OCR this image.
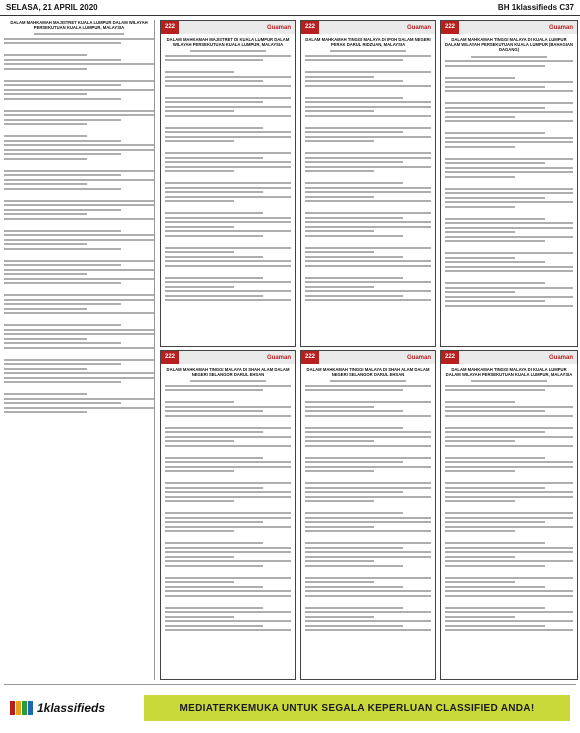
SELASA, 21 APRIL 2020	BH 1klassifieds C37
DALAM MAHKAMAH MAJISTRET KUALA LUMPUR DALAM WILAYAH PERSEKUTUAN KUALA LUMPUR, MALAYSIA	222	Guaman
DALAM MAHKAMAH MAJISTRET DI KUALA LUMPUR DALAM WILAYAH PERSEKUTUAN KUALA LUMPUR, MALAYSIA
222	Guaman
DALAM MAHKAMAH TINGGI MALAYA DI IPOH DALAM NEGERI PERAK DARUL RIDZUAN, MALAYSIA
222	Guaman
DALAM MAHKAMAH TINGGI MALAYA DI KUALA LUMPUR DALAM WILAYAH PERSEKUTUAN KUALA LUMPUR (BAHAGIAN DAGANG)
222	Guaman
DALAM MAHKAMAH TINGGI MALAYA DI SHAH ALAM DALAM NEGERI SELANGOR DARUL EHSAN
222	Guaman
DALAM MAHKAMAH TINGGI MALAYA DI SHAH ALAM DALAM NEGERI SELANGOR DARUL EHSAN
222	Guaman
DALAM MAHKAMAH TINGGI MALAYA DI KUALA LUMPUR DALAM WILAYAH PERSEKUTUAN KUALA LUMPUR, MALAYSIA
1klassifieds	MEDIATERKEMUKA UNTUK SEGALA KEPERLUAN CLASSIFIED ANDA!
